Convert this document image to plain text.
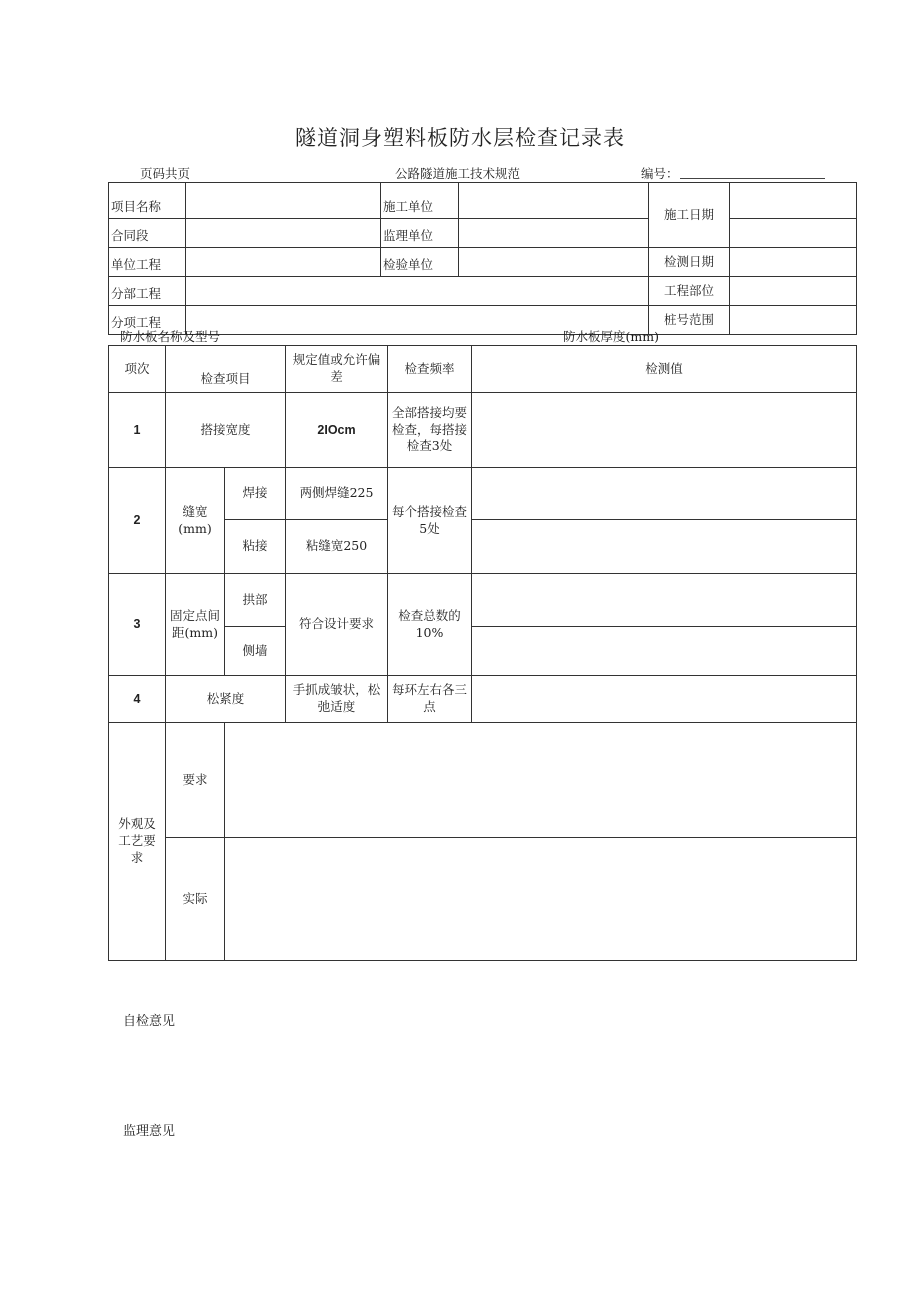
隧道洞身塑料板防水层检查记录表
页码共页	公路隧道施工技术规范	编号：
项目名称		施工单位		施工日期	
合同段		监理单位			
单位工程		检验单位		检测日期	
分部工程				工程部位	
分项工程				桩号范围	
防水板名称及型号	防水板厚度(mm)
项次	检查项目		规定值或允许偏差	检查频率	检测值
1	搭接宽度		2IOcm	全部搭接均要检查，每搭接检查3处	
2	缝宽(mm)	焊接	两侧焊缝225	每个搭接检查5处	
		粘接	粘缝宽250		
3	固定点间距(mm)	拱部	符合设计要求	检查总数的10%	
		侧墙			
4	松紧度		手抓成皱状，松弛适度	每环左右各三点	
外观及工艺要求	要求				
	实际				
自检意见
监理意见
